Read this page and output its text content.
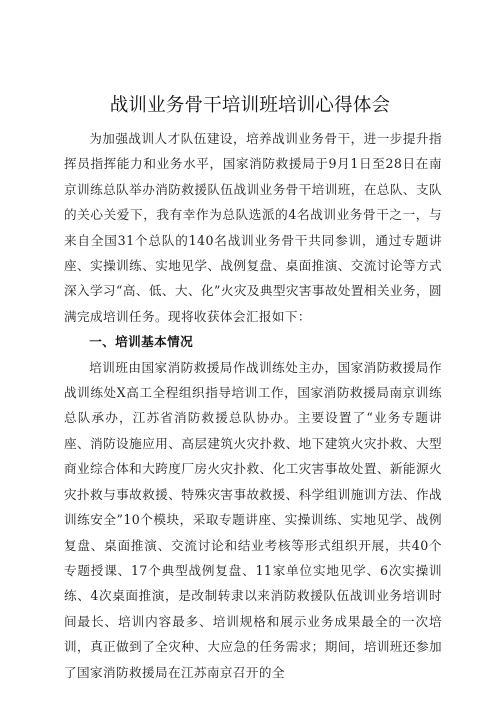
战训业务骨干培训班培训心得体会

为加强战训人才队伍建设，培养战训业务骨干，进一步提升指挥员指挥能力和业务水平，国家消防救援局于9月1日至28日在南京训练总队举办消防救援队伍战训业务骨干培训班，在总队、支队的关心关爱下，我有幸作为总队选派的4名战训业务骨干之一，与来自全国31个总队的140名战训业务骨干共同参训，通过专题讲座、实操训练、实地见学、战例复盘、桌面推演、交流讨论等方式深入学习“高、低、大、化”火灾及典型灾害事故处置相关业务，圆满完成培训任务。现将收获体会汇报如下：

一、培训基本情况

培训班由国家消防救援局作战训练处主办，国家消防救援局作战训练处X高工全程组织指导培训工作，国家消防救援局南京训练总队承办，江苏省消防救援总队协办。主要设置了“业务专题讲座、消防设施应用、高层建筑火灾扑救、地下建筑火灾扑救、大型商业综合体和大跨度厂房火灾扑救、化工灾害事故处置、新能源火灾扑救与事故救援、特殊灾害事故救援、科学组训施训方法、作战训练安全”10个模块，采取专题讲座、实操训练、实地见学、战例复盘、桌面推演、交流讨论和结业考核等形式组织开展，共40个专题授课、17个典型战例复盘、11家单位实地见学、6次实操训练、4次桌面推演，是改制转隶以来消防救援队伍战训业务培训时间最长、培训内容最多、培训规格和展示业务成果最全的一次培训，真正做到了全灾种、大应急的任务需求；期间，培训班还参加了国家消防救援局在江苏南京召开的全
